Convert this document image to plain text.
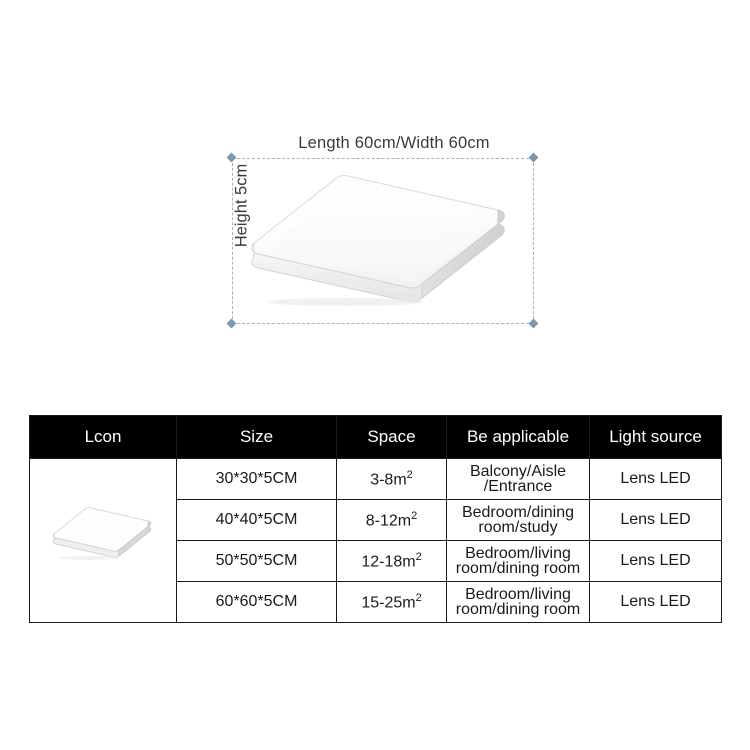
Length 60cm/Width 60cm
Height 5cm
Lcon	Size	Space	Be applicable	Light source

	30*30*5CM	$3-8m^2$	Balcony/Aisle
/Entrance	Lens LED
	40*40*5CM	$8-12m^2$	Bedroom/dining
room/study	Lens LED
	50*50*5CM	$12-18m^2$	Bedroom/living
room/dining room	Lens LED
	60*60*5CM	$15-25m^2$	Bedroom/living
room/dining room	Lens LED
